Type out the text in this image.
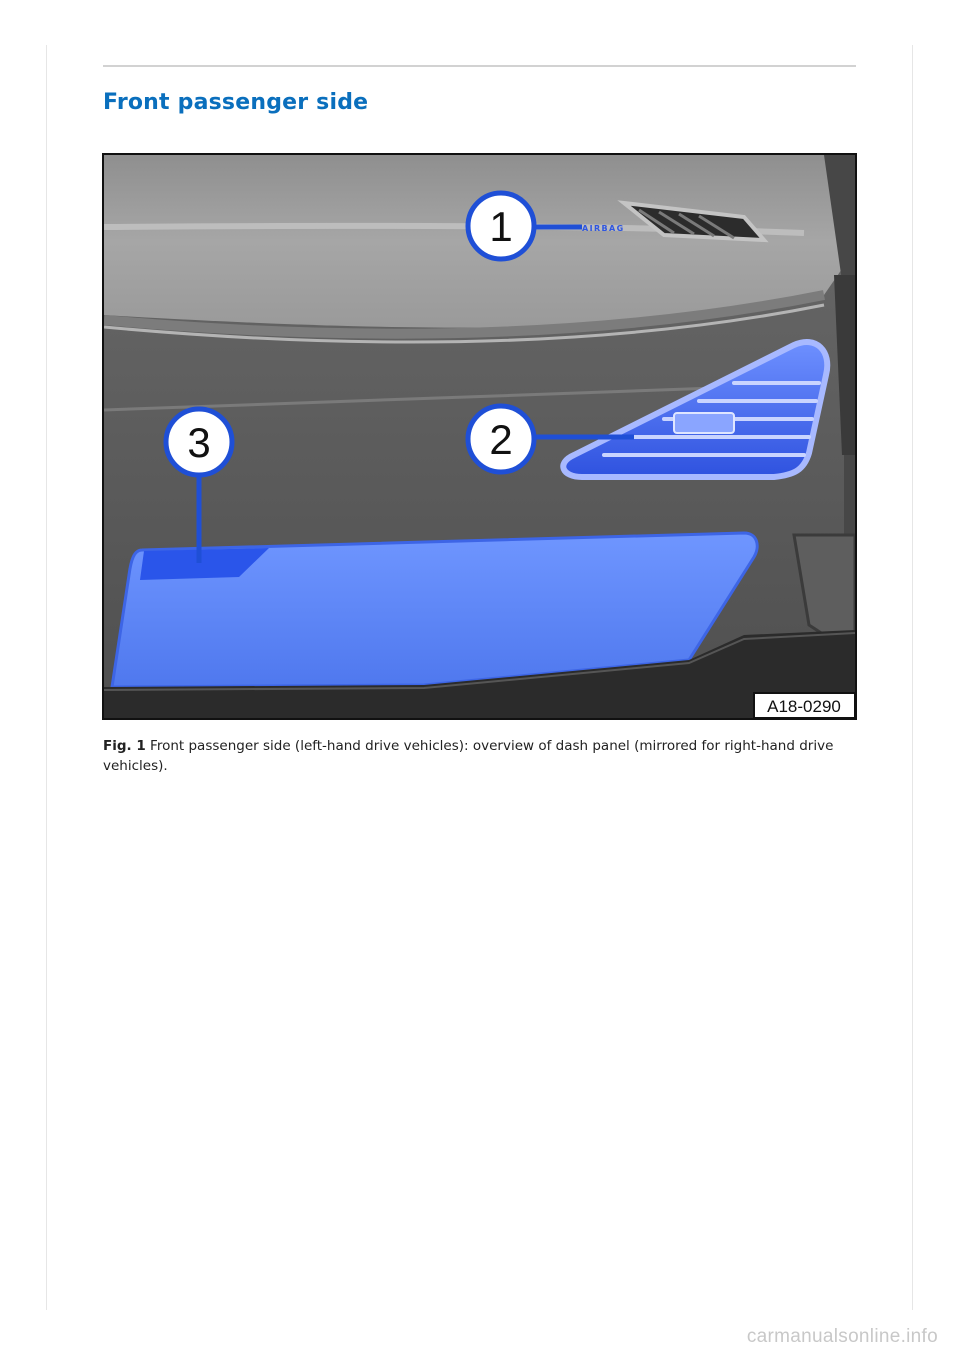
Front passenger side
AIRBAG
1
2
3
A18-0290

Fig. 1 Front passenger side (left-hand drive vehicles): overview of dash panel (mirrored for right-hand drive vehicles).

carmanualsonline.info
